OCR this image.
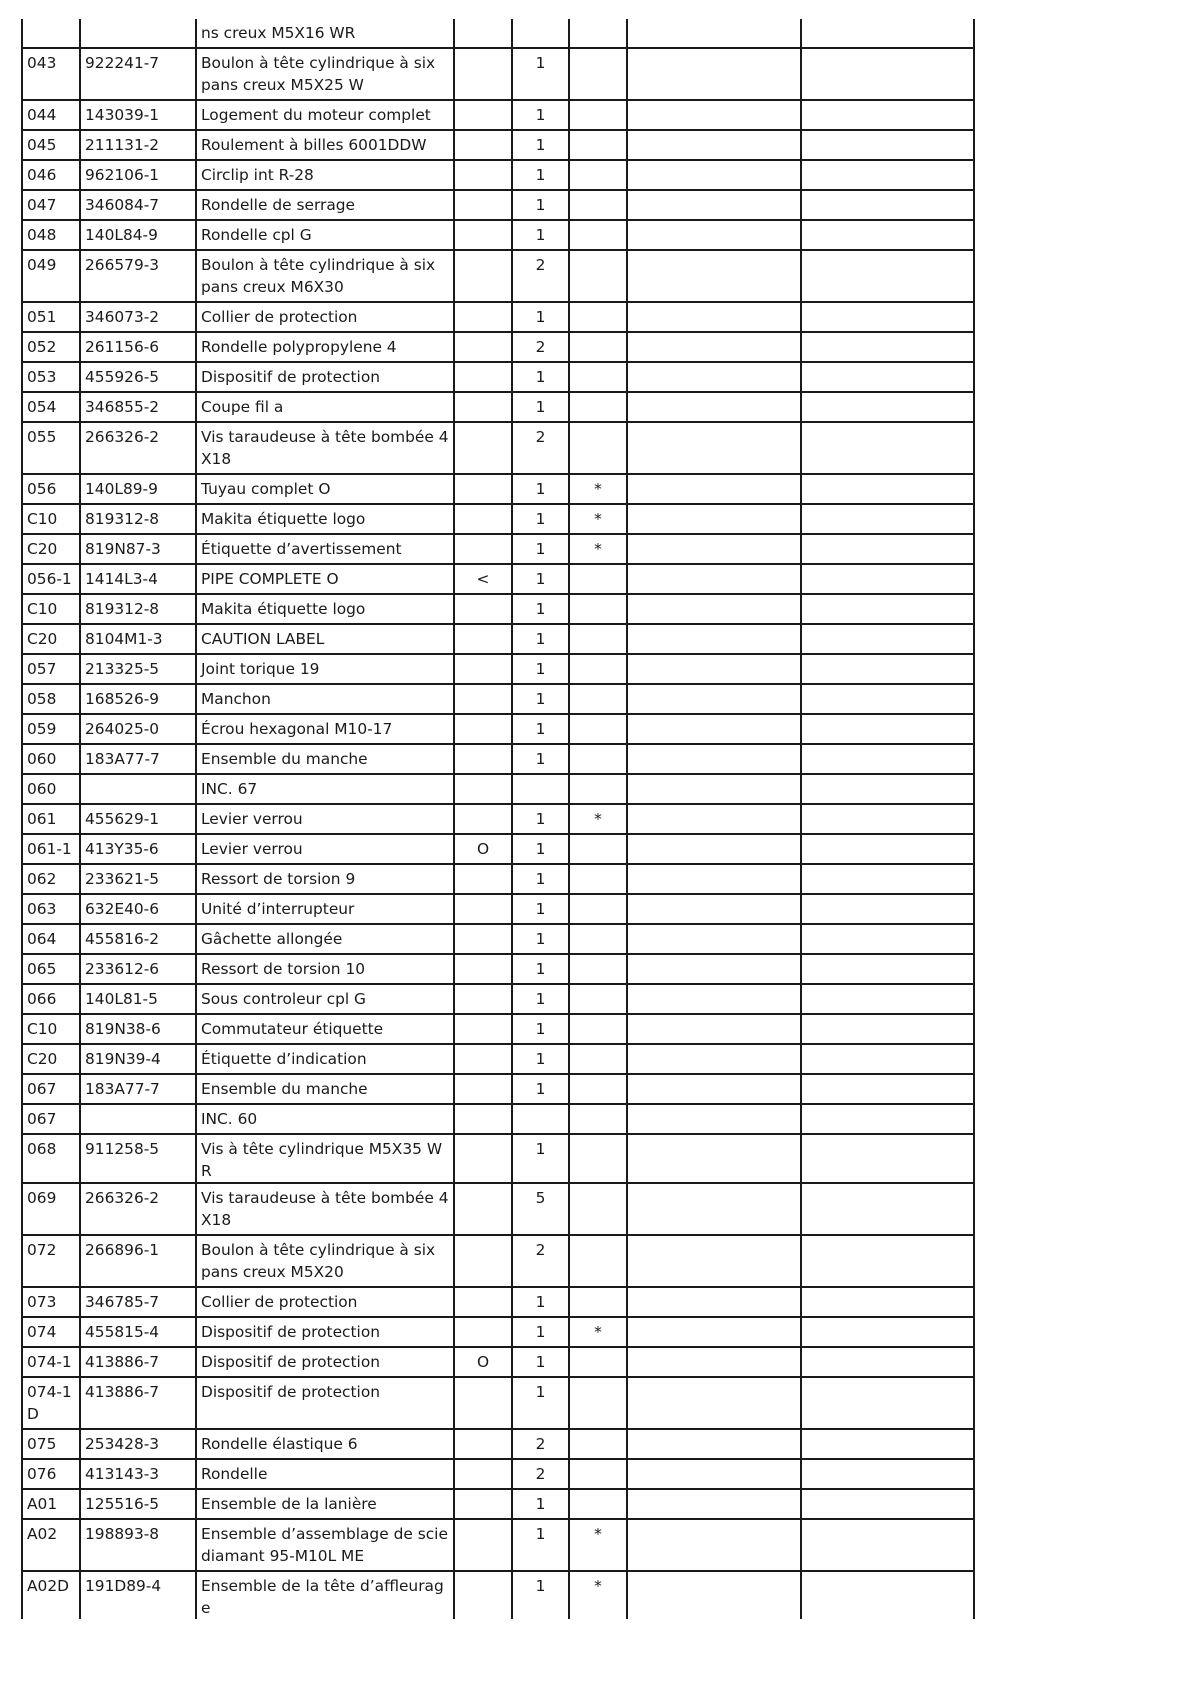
		ns creux M5X16 WR					
043	922241-7	Boulon à tête cylindrique à six pans creux M5X25 W		1			
044	143039-1	Logement du moteur complet		1			
045	211131-2	Roulement à billes 6001DDW		1			
046	962106-1	Circlip int R-28		1			
047	346084-7	Rondelle de serrage		1			
048	140L84-9	Rondelle cpl G		1			
049	266579-3	Boulon à tête cylindrique à six pans creux M6X30		2			
051	346073-2	Collier de protection		1			
052	261156-6	Rondelle polypropylene 4		2			
053	455926-5	Dispositif de protection		1			
054	346855-2	Coupe fil a		1			
055	266326-2	Vis taraudeuse à tête bombée 4X18		2			
056	140L89-9	Tuyau complet O		1	*		
C10	819312-8	Makita étiquette logo		1	*		
C20	819N87-3	Étiquette d’avertissement		1	*		
056-1	1414L3-4	PIPE COMPLETE O	<	1			
C10	819312-8	Makita étiquette logo		1			
C20	8104M1-3	CAUTION LABEL		1			
057	213325-5	Joint torique 19		1			
058	168526-9	Manchon		1			
059	264025-0	Écrou hexagonal M10-17		1			
060	183A77-7	Ensemble du manche		1			
060		INC. 67					
061	455629-1	Levier verrou		1	*		
061-1	413Y35-6	Levier verrou	O	1			
062	233621-5	Ressort de torsion 9		1			
063	632E40-6	Unité d’interrupteur		1			
064	455816-2	Gâchette allongée		1			
065	233612-6	Ressort de torsion 10		1			
066	140L81-5	Sous controleur cpl G		1			
C10	819N38-6	Commutateur étiquette		1			
C20	819N39-4	Étiquette d’indication		1			
067	183A77-7	Ensemble du manche		1			
067		INC. 60					
068	911258-5	Vis à tête cylindrique M5X35 WR		1			
069	266326-2	Vis taraudeuse à tête bombée 4X18		5			
072	266896-1	Boulon à tête cylindrique à six pans creux M5X20		2			
073	346785-7	Collier de protection		1			
074	455815-4	Dispositif de protection		1	*		
074-1	413886-7	Dispositif de protection	O	1			
074-1D	413886-7	Dispositif de protection		1			
075	253428-3	Rondelle élastique 6		2			
076	413143-3	Rondelle		2			
A01	125516-5	Ensemble de la lanière		1			
A02	198893-8	Ensemble d’assemblage de scie diamant 95-M10L ME		1	*		
A02D	191D89-4	Ensemble de la tête d’affleurage		1	*		
